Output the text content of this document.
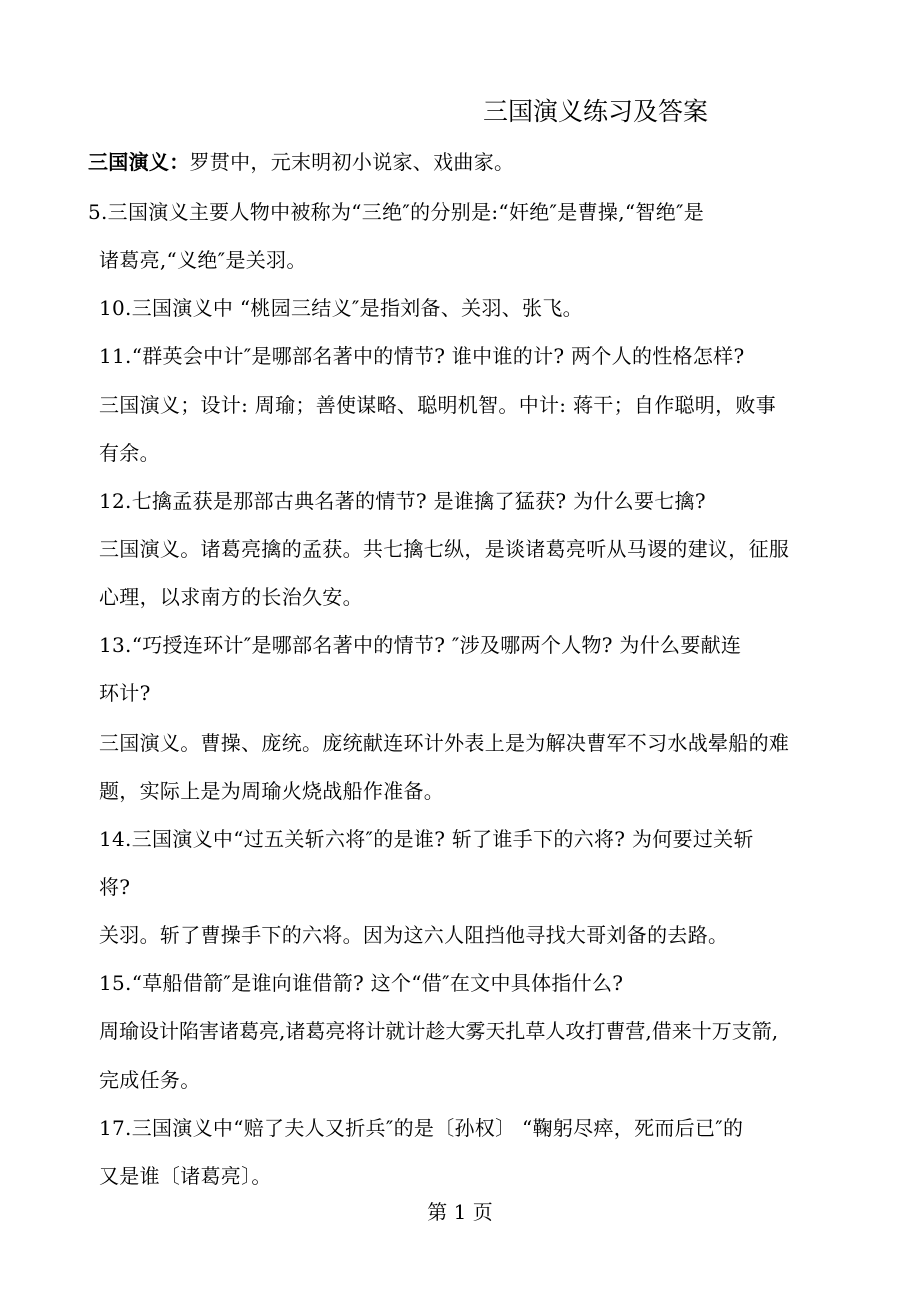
三国演义练习及答案
三国演义：罗贯中，元末明初小说家、戏曲家。
5.三国演义主要人物中被称为“三绝″的分别是:“奸绝″是曹操,“智绝″是
诸葛亮,“义绝″是关羽。
10.三国演义中 “桃园三结义″是指刘备、关羽、张飞。
11.“群英会中计″是哪部名著中的情节? 谁中谁的计? 两个人的性格怎样?
三国演义；设计: 周瑜；善使谋略、聪明机智。中计: 蒋干；自作聪明，败事
有余。
12.七擒孟获是那部古典名著的情节? 是谁擒了猛获? 为什么要七擒?
三国演义。诸葛亮擒的孟获。共七擒七纵，是谈诸葛亮听从马谡的建议，征服
心理，以求南方的长治久安。
13.“巧授连环计″是哪部名著中的情节? ″涉及哪两个人物? 为什么要献连
环计?
三国演义。曹操、庞统。庞统献连环计外表上是为解决曹军不习水战晕船的难
题，实际上是为周瑜火烧战船作准备。
14.三国演义中“过五关斩六将″的是谁? 斩了谁手下的六将? 为何要过关斩
将?
关羽。斩了曹操手下的六将。因为这六人阻挡他寻找大哥刘备的去路。
15.“草船借箭″是谁向谁借箭? 这个“借″在文中具体指什么?
周瑜设计陷害诸葛亮,诸葛亮将计就计趁大雾天扎草人攻打曹营,借来十万支箭,
完成任务。
17.三国演义中“赔了夫人又折兵″的是〔孙权〕 “鞠躬尽瘁，死而后已″的
又是谁〔诸葛亮〕。
第 1 页
